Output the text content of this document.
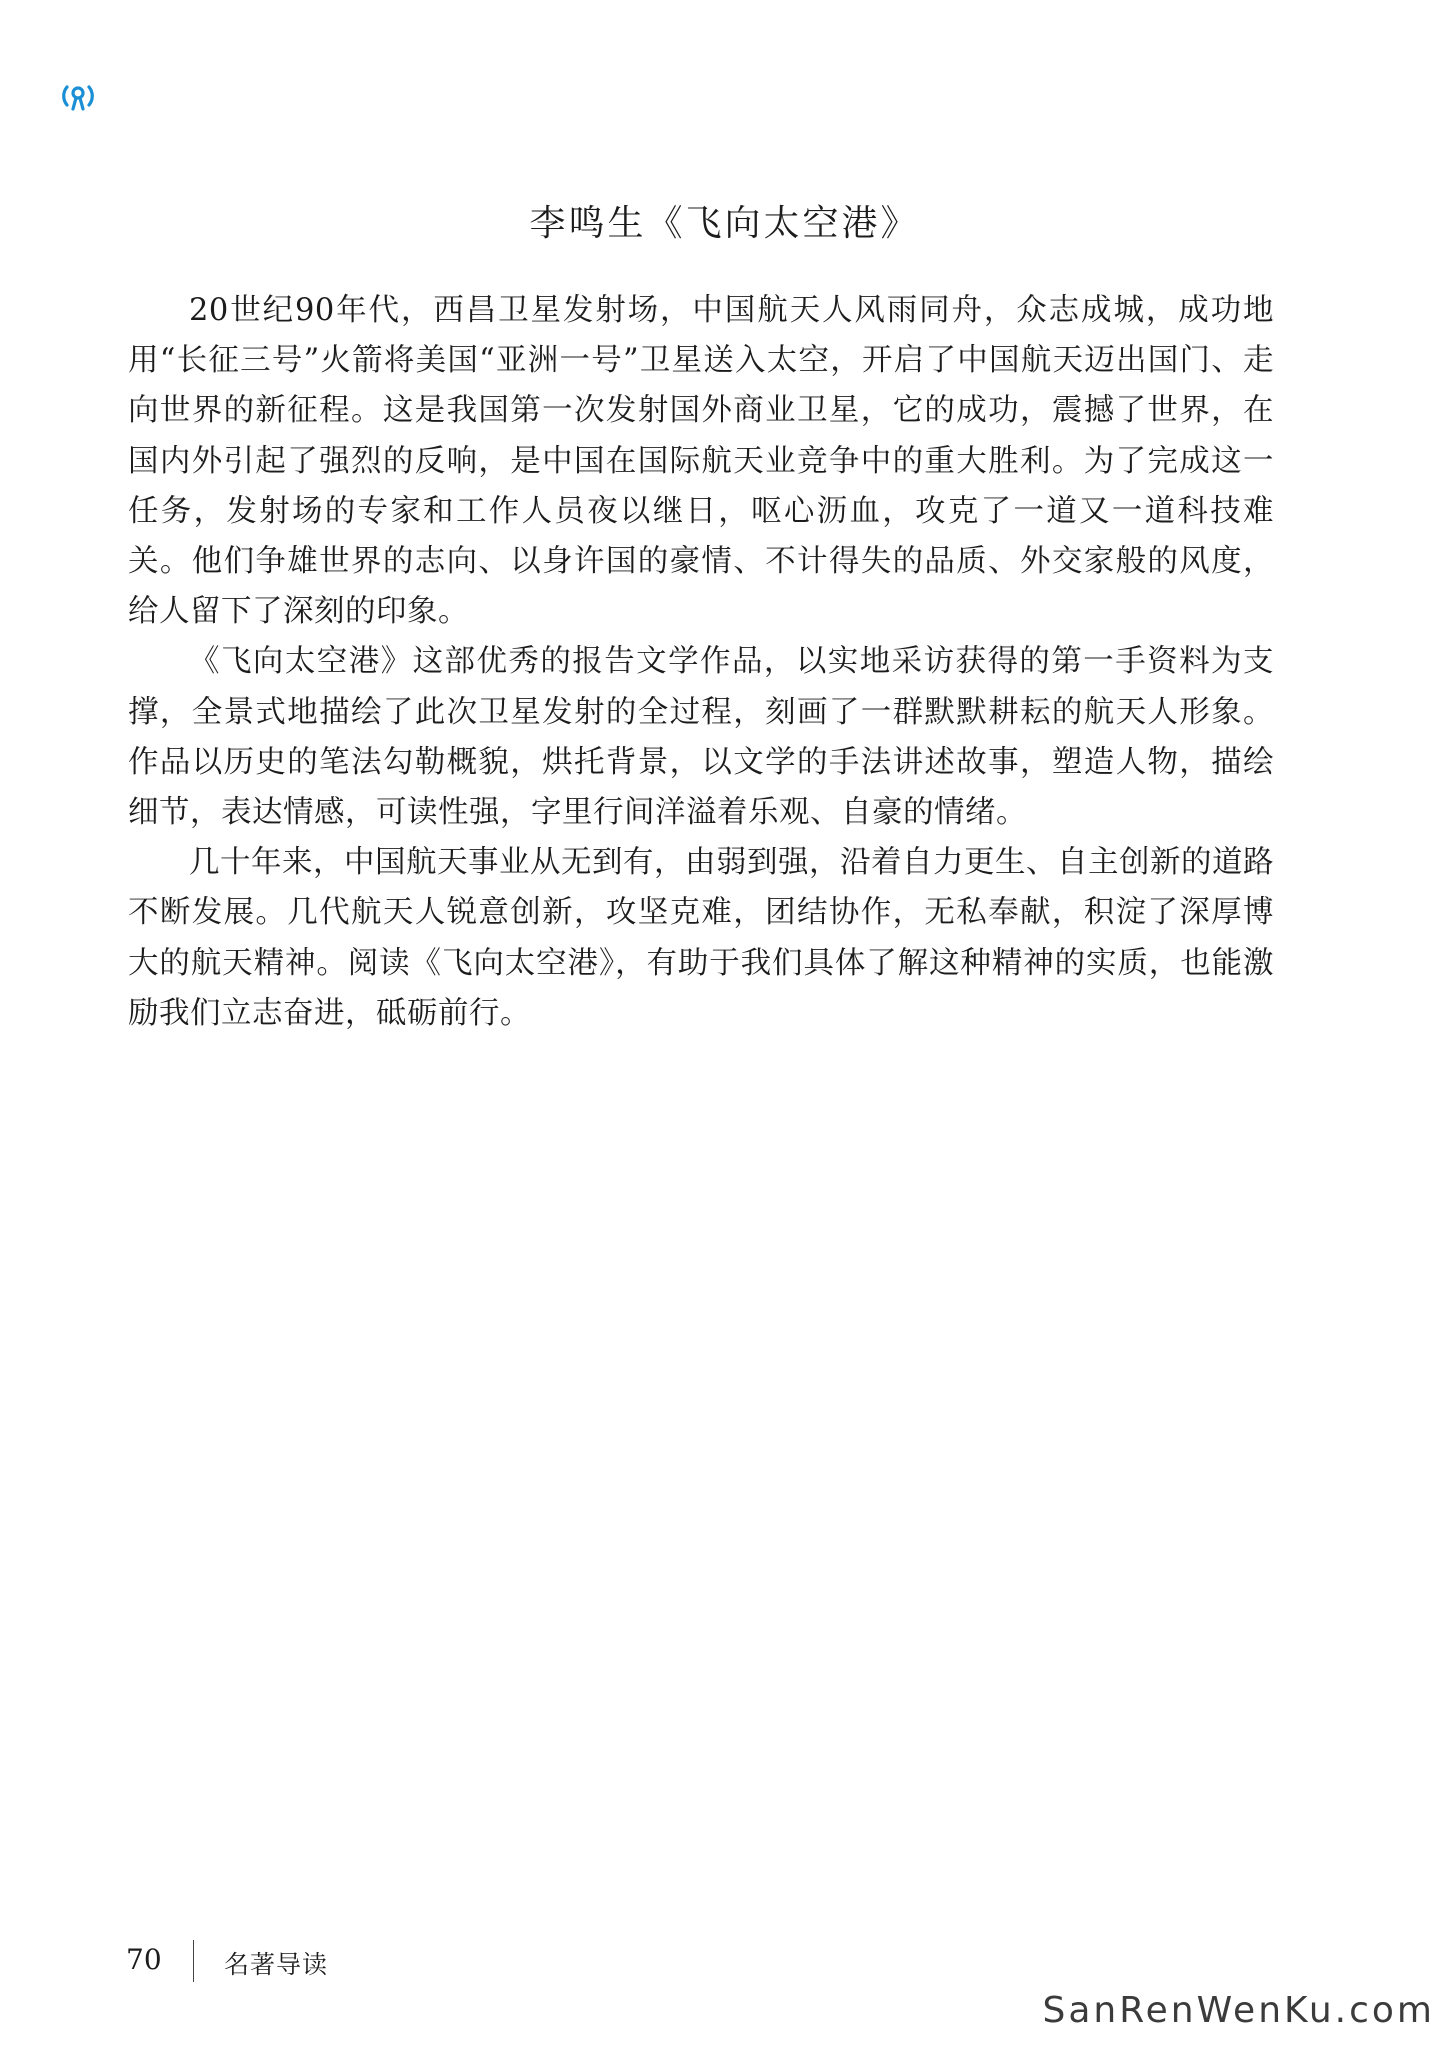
李鸣生《飞向太空港》

20世纪90年代，西昌卫星发射场，中国航天人风雨同舟，众志成城，成功地用“长征三号”火箭将美国“亚洲一号”卫星送入太空，开启了中国航天迈出国门、走向世界的新征程。这是我国第一次发射国外商业卫星，它的成功，震撼了世界，在国内外引起了强烈的反响，是中国在国际航天业竞争中的重大胜利。为了完成这一任务，发射场的专家和工作人员夜以继日，呕心沥血，攻克了一道又一道科技难关。他们争雄世界的志向、以身许国的豪情、不计得失的品质、外交家般的风度，给人留下了深刻的印象。

《飞向太空港》这部优秀的报告文学作品，以实地采访获得的第一手资料为支撑，全景式地描绘了此次卫星发射的全过程，刻画了一群默默耕耘的航天人形象。作品以历史的笔法勾勒概貌，烘托背景，以文学的手法讲述故事，塑造人物，描绘细节，表达情感，可读性强，字里行间洋溢着乐观、自豪的情绪。

几十年来，中国航天事业从无到有，由弱到强，沿着自力更生、自主创新的道路不断发展。几代航天人锐意创新，攻坚克难，团结协作，无私奉献，积淀了深厚博大的航天精神。阅读《飞向太空港》，有助于我们具体了解这种精神的实质，也能激励我们立志奋进，砥砺前行。

70 名著导读
SanRenWenKu.com
